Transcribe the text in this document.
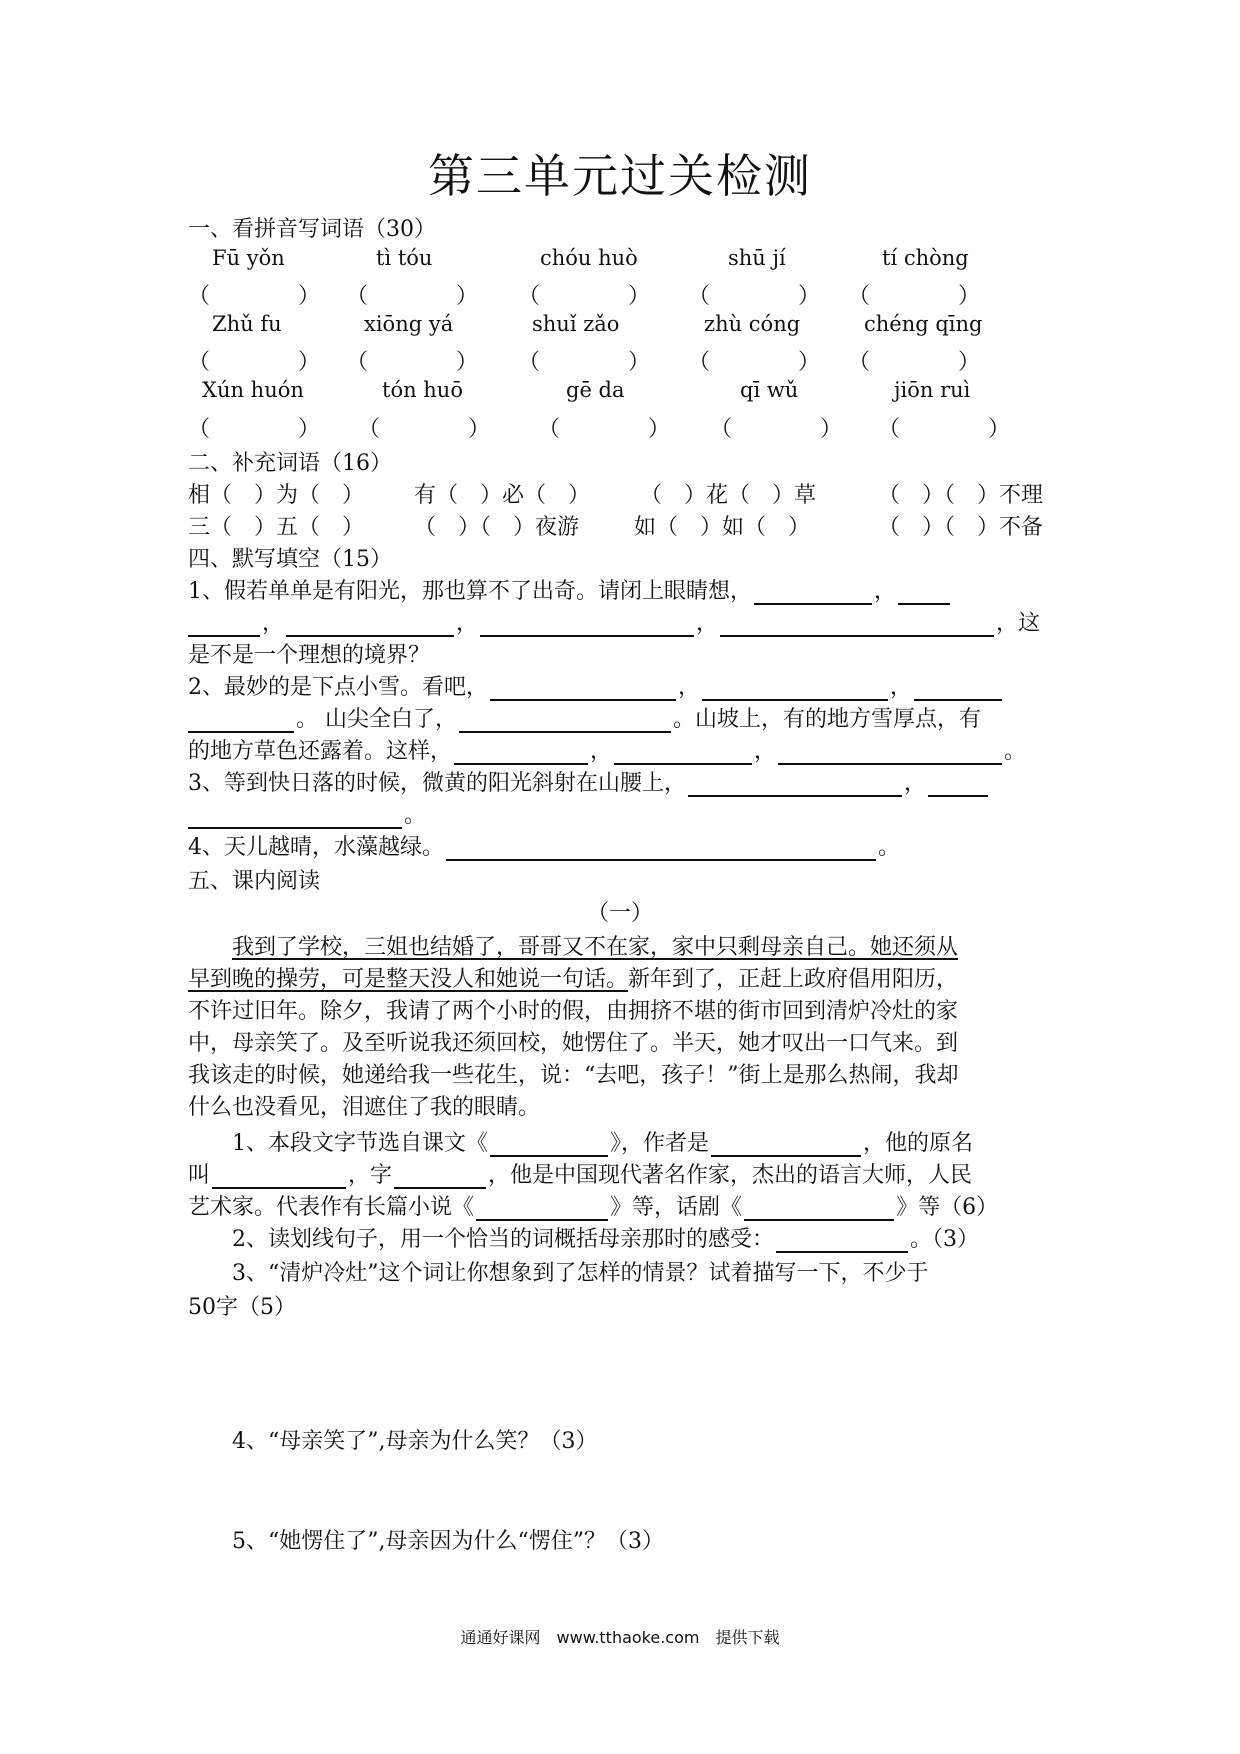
第三单元过关检测
一、看拼音写词语（30）
Fū yǒn	tì tóu	chóu huò	shū jí	tí chòng
（　　　　） （　　　　） （　　　　） （　　　　） （　　　　）
Zhǔ fu	xiōng yá	shuǐ zǎo	zhù cóng	chéng qīng
（　　　　） （　　　　） （　　　　） （　　　　） （　　　　）
Xún huón	tón huō	gē da	qī wǔ	jiōn ruì
（　　　　） （　　　　） （　　　　） （　　　　） （　　　　）
二、补充词语（16）
相（　）为（　） 有（　）必（　） （　）花（　）草	（　）（　）不理
三（　）五（　） （　）（　）夜游 如（　）如（　）	（　）（　）不备
四、默写填空（15）
1、假若单单是有阳光，那也算不了出奇。请闭上眼睛想，	，
，	，	，	，这
是不是一个理想的境界？
2、最妙的是下点小雪。看吧，	，	，
。 山尖全白了，	。山坡上，有的地方雪厚点，有
的地方草色还露着。这样，	，	，	。
3、等到快日落的时候，微黄的阳光斜射在山腰上，	，
。
4、天儿越晴，水藻越绿。	。
五、课内阅读
（一）
我到了学校，三姐也结婚了，哥哥又不在家，家中只剩母亲自己。她还须从
早到晚的操劳，可是整天没人和她说一句话。新年到了，正赶上政府倡用阳历，
不许过旧年。除夕，我请了两个小时的假，由拥挤不堪的街市回到清炉冷灶的家
中，母亲笑了。及至听说我还须回校，她愣住了。半天，她才叹出一口气来。到
我该走的时候，她递给我一些花生，说：“去吧，孩子！”街上是那么热闹，我却
什么也没看见，泪遮住了我的眼睛。
1、本段文字节选自课文《	》，作者是	，他的原名
叫	，字	，他是中国现代著名作家，杰出的语言大师，人民
艺术家。代表作有长篇小说《	》等，话剧《	》等（6）
2、读划线句子，用一个恰当的词概括母亲那时的感受：	。（3）
3、“清炉冷灶”这个词让你想象到了怎样的情景？试着描写一下，不少于
50字（5）
4、“母亲笑了”,母亲为什么笑？（3）
5、“她愣住了”,母亲因为什么“愣住”？（3）
通通好课网　www.tthaoke.com　提供下载
